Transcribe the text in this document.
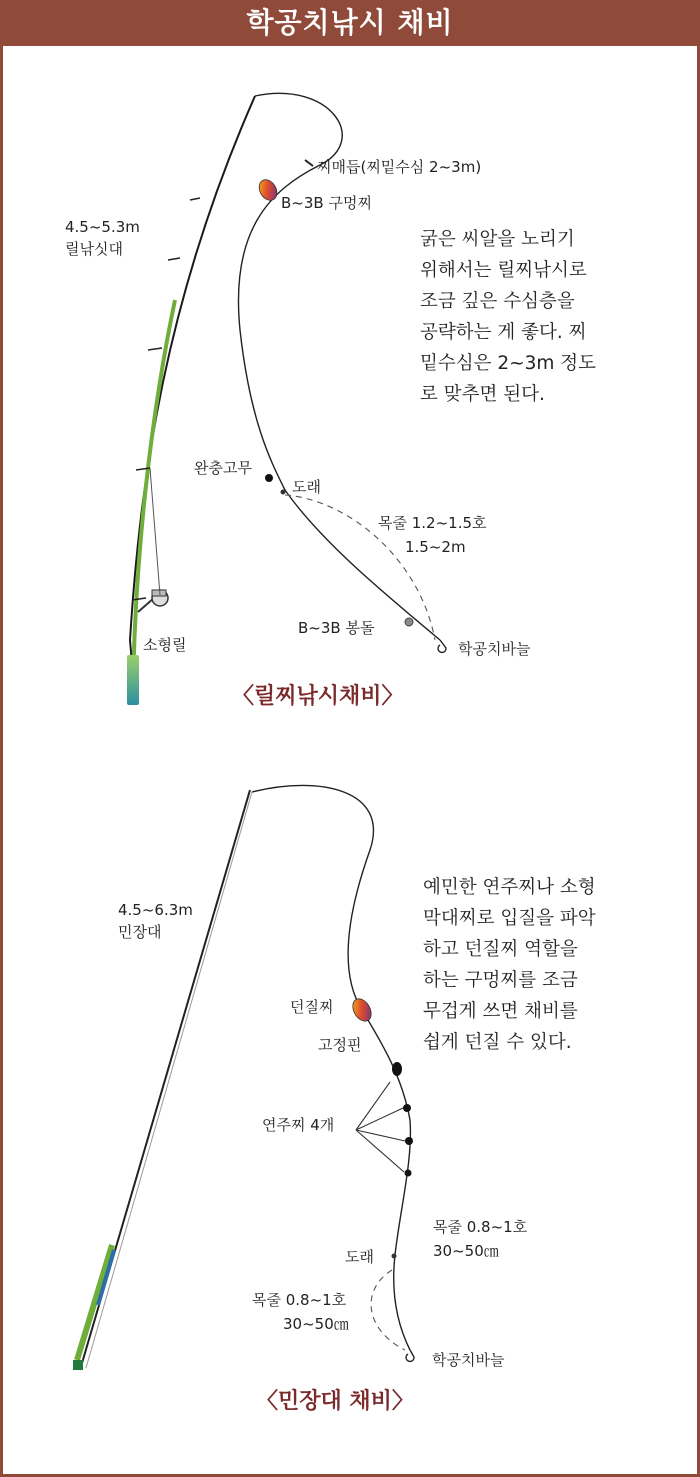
학공치낚시 채비
4.5~5.3m
릴낚싯대
찌매듭(찌밑수심 2~3m)
B~3B 구멍찌
완충고무
도래
목줄 1.2~1.5호
1.5~2m
B~3B 봉돌
소형릴	학공치바늘
굵은 씨알을 노리기
위해서는 릴찌낚시로
조금 깊은 수심층을
공략하는 게 좋다. 찌
밑수심은 2~3m 정도
로 맞추면 된다.
〈릴찌낚시채비〉
4.5~6.3m
민장대
던질찌
고정핀
연주찌 4개
목줄 0.8~1호
30~50㎝
도래
목줄 0.8~1호
30~50㎝
학공치바늘
예민한 연주찌나 소형
막대찌로 입질을 파악
하고 던질찌 역할을
하는 구멍찌를 조금
무겁게 쓰면 채비를
쉽게 던질 수 있다.
〈민장대 채비〉
